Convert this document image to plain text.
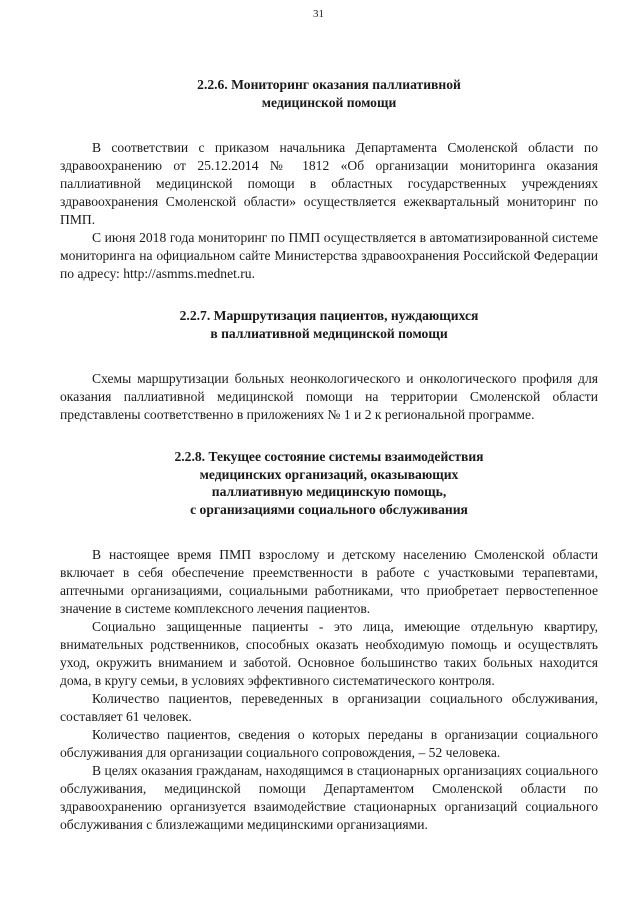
31
2.2.6. Мониторинг оказания паллиативной
медицинской помощи

В соответствии с приказом начальника Департамента Смоленской области по здравоохранению от 25.12.2014 № 1812 «Об организации мониторинга оказания паллиативной медицинской помощи в областных государственных учреждениях здравоохранения Смоленской области» осуществляется ежеквартальный мониторинг по ПМП.

С июня 2018 года мониторинг по ПМП осуществляется в автоматизированной системе мониторинга на официальном сайте Министерства здравоохранения Российской Федерации по адресу: http://asmms.mednet.ru.

2.2.7. Маршрутизация пациентов, нуждающихся
в паллиативной медицинской помощи

Схемы маршрутизации больных неонкологического и онкологического профиля для оказания паллиативной медицинской помощи на территории Смоленской области представлены соответственно в приложениях № 1 и 2 к региональной программе.

2.2.8. Текущее состояние системы взаимодействия
медицинских организаций, оказывающих
паллиативную медицинскую помощь,
с организациями социального обслуживания

В настоящее время ПМП взрослому и детскому населению Смоленской области включает в себя обеспечение преемственности в работе с участковыми терапевтами, аптечными организациями, социальными работниками, что приобретает первостепенное значение в системе комплексного лечения пациентов.

Социально защищенные пациенты - это лица, имеющие отдельную квартиру, внимательных родственников, способных оказать необходимую помощь и осуществлять уход, окружить вниманием и заботой. Основное большинство таких больных находится дома, в кругу семьи, в условиях эффективного систематического контроля.

Количество пациентов, переведенных в организации социального обслуживания, составляет 61 человек.

Количество пациентов, сведения о которых переданы в организации социального обслуживания для организации социального сопровождения, – 52 человека.

В целях оказания гражданам, находящимся в стационарных организациях социального обслуживания, медицинской помощи Департаментом Смоленской области по здравоохранению организуется взаимодействие стационарных организаций социального обслуживания с близлежащими медицинскими организациями.
